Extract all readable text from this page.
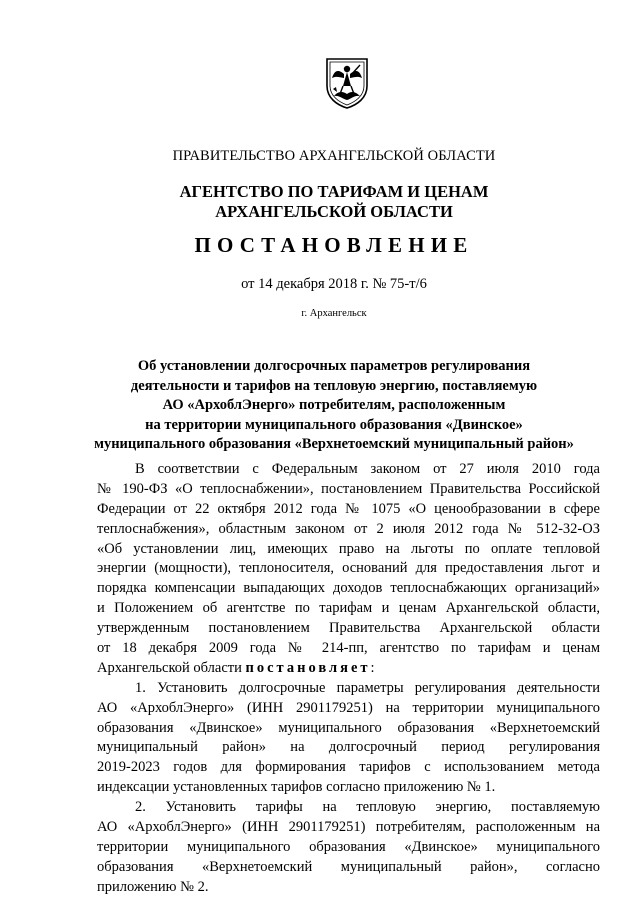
ПРАВИТЕЛЬСТВО АРХАНГЕЛЬСКОЙ ОБЛАСТИ
АГЕНТСТВО ПО ТАРИФАМ И ЦЕНАМ
АРХАНГЕЛЬСКОЙ ОБЛАСТИ
ПОСТАНОВЛЕНИЕ
от 14 декабря 2018 г. № 75-т/6
г. Архангельск
Об установлении долгосрочных параметров регулирования
деятельности и тарифов на тепловую энергию, поставляемую
АО «АрхоблЭнерго» потребителям, расположенным
на территории муниципального образования «Двинское»
муниципального образования «Верхнетоемский муниципальный район»
В соответствии с Федеральным законом от 27 июля 2010 года
№ 190-ФЗ «О теплоснабжении», постановлением Правительства Российской
Федерации от 22 октября 2012 года № 1075 «О ценообразовании в сфере
теплоснабжения», областным законом от 2 июля 2012 года № 512-32-ОЗ
«Об установлении лиц, имеющих право на льготы по оплате тепловой
энергии (мощности), теплоносителя, оснований для предоставления льгот и
порядка компенсации выпадающих доходов теплоснабжающих организаций»
и Положением об агентстве по тарифам и ценам Архангельской области,
утвержденным постановлением Правительства Архангельской области
от 18 декабря 2009 года № 214-пп, агентство по тарифам и ценам
Архангельской области постановляет:
1. Установить долгосрочные параметры регулирования деятельности
АО «АрхоблЭнерго» (ИНН 2901179251) на территории муниципального
образования «Двинское» муниципального образования «Верхнетоемский
муниципальный район» на долгосрочный период регулирования
2019-2023 годов для формирования тарифов с использованием метода
индексации установленных тарифов согласно приложению № 1.
2. Установить тарифы на тепловую энергию, поставляемую
АО «АрхоблЭнерго» (ИНН 2901179251) потребителям, расположенным на
территории муниципального образования «Двинское» муниципального
образования «Верхнетоемский муниципальный район», согласно
приложению № 2.
